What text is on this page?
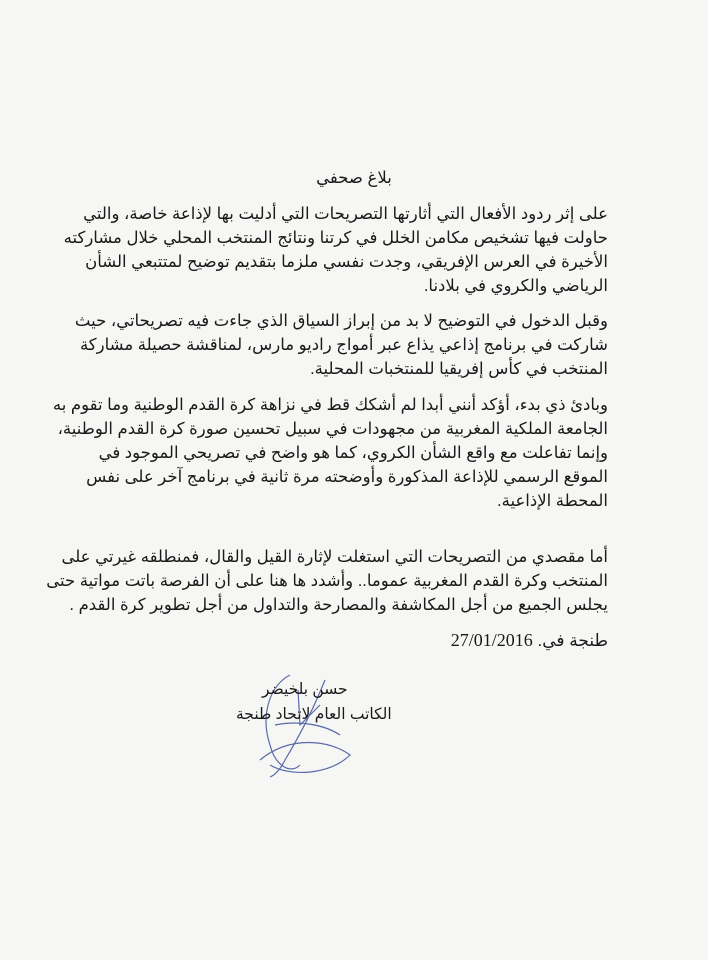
بلاغ صحفي
على إثر ردود الأفعال التي أثارتها التصريحات التي أدليت بها لإذاعة خاصة، والتي
حاولت فيها تشخيص مكامن الخلل في كرتنا ونتائج المنتخب المحلي خلال مشاركته
الأخيرة في العرس الإفريقي، وجدت نفسي ملزما بتقديم توضيح لمتتبعي الشأن
الرياضي والكروي في بلادنا.
وقبل الدخول في التوضيح لا بد من إبراز السياق الذي جاءت فيه تصريحاتي، حيث
شاركت في برنامج إذاعي يذاع عبر أمواج راديو مارس، لمناقشة حصيلة مشاركة
المنتخب في كأس إفريقيا للمنتخبات المحلية.
وبادئ ذي بدء، أؤكد أنني أبدا لم أشكك قط في نزاهة كرة القدم الوطنية وما تقوم به
الجامعة الملكية المغربية من مجهودات في سبيل تحسين صورة كرة القدم الوطنية،
وإنما تفاعلت مع واقع الشأن الكروي، كما هو واضح في تصريحي الموجود في
الموقع الرسمي للإذاعة المذكورة وأوضحته مرة ثانية في برنامج آخر على نفس
المحطة الإذاعية.
أما مقصدي من التصريحات التي استغلت لإثارة القيل والقال، فمنطلقه غيرتي على
المنتخب وكرة القدم المغربية عموما.. وأشدد ها هنا على أن الفرصة باتت مواتية حتى
يجلس الجميع من أجل المكاشفة والمصارحة والتداول من أجل تطوير كرة القدم .
طنجة في. 27/01/2016
حسن بلخيضر
الكاتب العام لاتحاد طنجة
